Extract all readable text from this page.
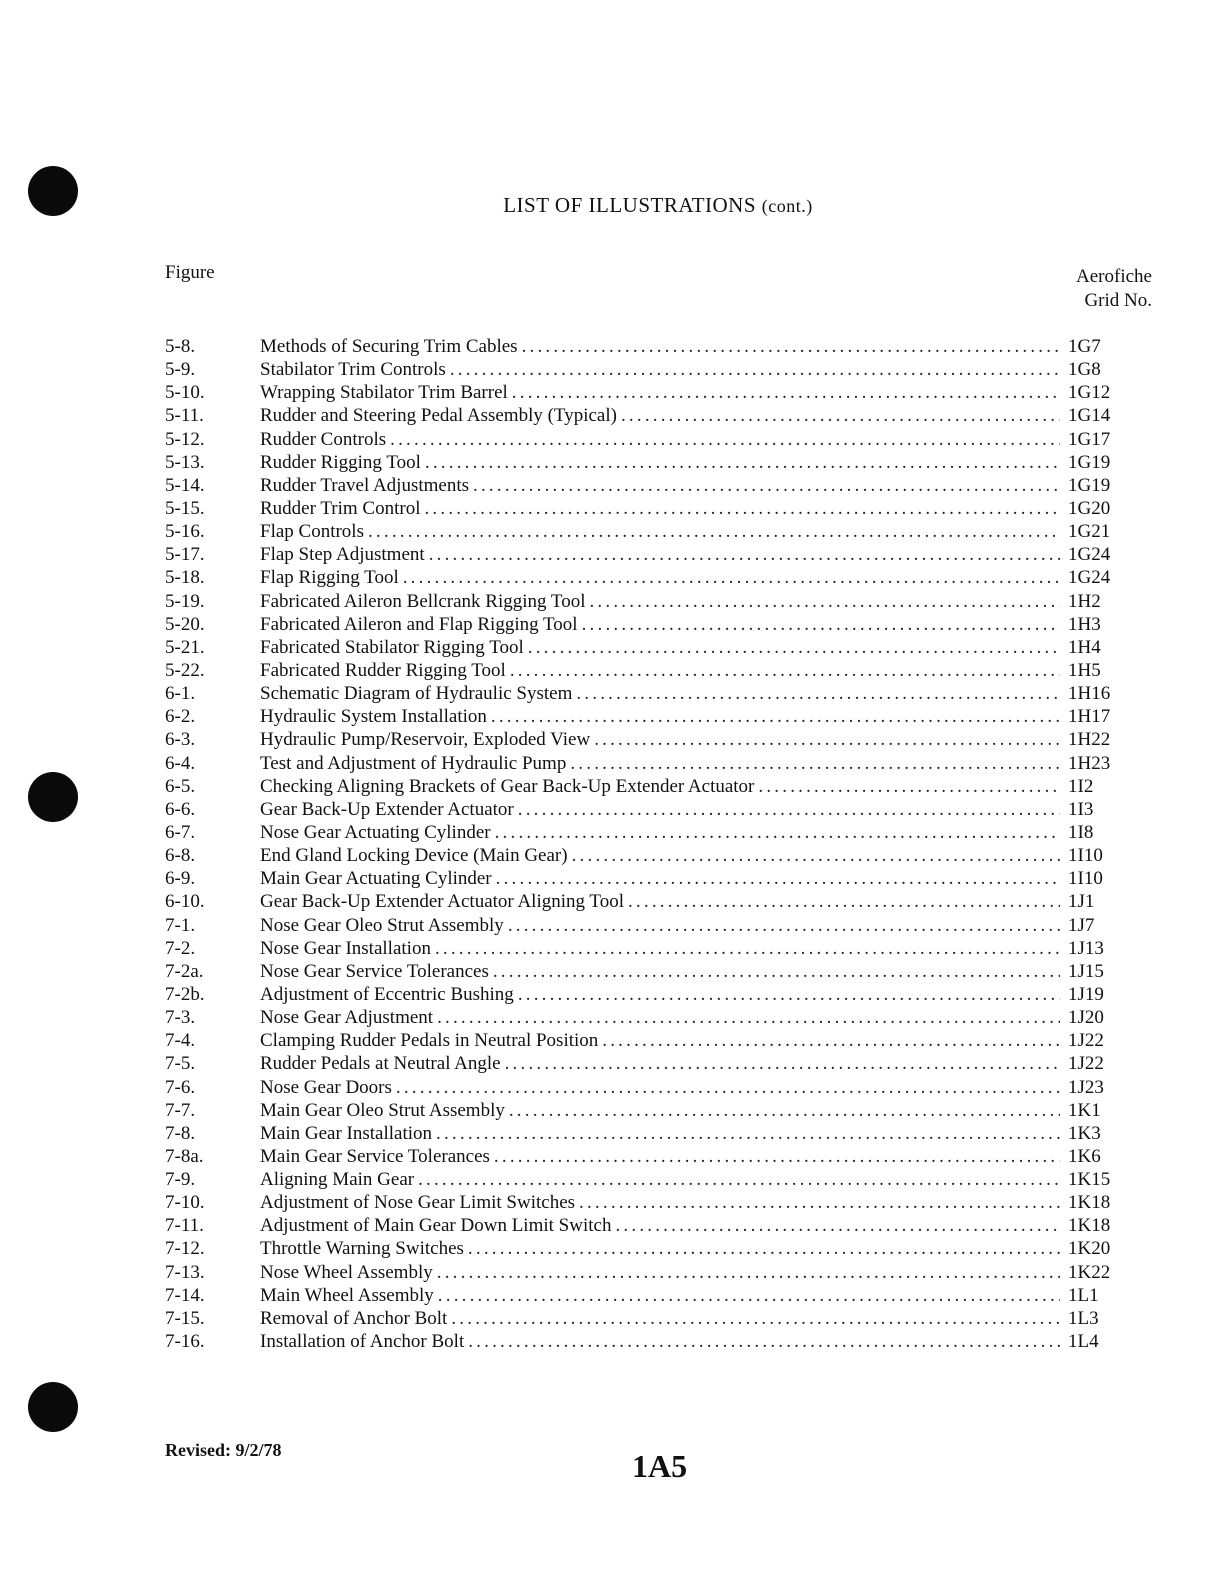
LIST OF ILLUSTRATIONS (cont.)
Figure	Aerofiche
Grid No.
5-8.	Methods of Securing Trim Cables .....	1G7
5-9.	Stabilator Trim Controls .....	1G8
5-10.	Wrapping Stabilator Trim Barrel .....	1G12
5-11.	Rudder and Steering Pedal Assembly (Typical) .....	1G14
5-12.	Rudder Controls .....	1G17
5-13.	Rudder Rigging Tool .....	1G19
5-14.	Rudder Travel Adjustments .....	1G19
5-15.	Rudder Trim Control .....	1G20
5-16.	Flap Controls .....	1G21
5-17.	Flap Step Adjustment .....	1G24
5-18.	Flap Rigging Tool .....	1G24
5-19.	Fabricated Aileron Bellcrank Rigging Tool .....	1H2
5-20.	Fabricated Aileron and Flap Rigging Tool .....	1H3
5-21.	Fabricated Stabilator Rigging Tool .....	1H4
5-22.	Fabricated Rudder Rigging Tool .....	1H5
6-1.	Schematic Diagram of Hydraulic System .....	1H16
6-2.	Hydraulic System Installation .....	1H17
6-3.	Hydraulic Pump/Reservoir, Exploded View .....	1H22
6-4.	Test and Adjustment of Hydraulic Pump .....	1H23
6-5.	Checking Aligning Brackets of Gear Back-Up Extender Actuator .....	1I2
6-6.	Gear Back-Up Extender Actuator .....	1I3
6-7.	Nose Gear Actuating Cylinder .....	1I8
6-8.	End Gland Locking Device (Main Gear) .....	1I10
6-9.	Main Gear Actuating Cylinder .....	1I10
6-10.	Gear Back-Up Extender Actuator Aligning Tool .....	1J1
7-1.	Nose Gear Oleo Strut Assembly .....	1J7
7-2.	Nose Gear Installation .....	1J13
7-2a.	Nose Gear Service Tolerances .....	1J15
7-2b.	Adjustment of Eccentric Bushing .....	1J19
7-3.	Nose Gear Adjustment .....	1J20
7-4.	Clamping Rudder Pedals in Neutral Position .....	1J22
7-5.	Rudder Pedals at Neutral Angle .....	1J22
7-6.	Nose Gear Doors .....	1J23
7-7.	Main Gear Oleo Strut Assembly .....	1K1
7-8.	Main Gear Installation .....	1K3
7-8a.	Main Gear Service Tolerances .....	1K6
7-9.	Aligning Main Gear .....	1K15
7-10.	Adjustment of Nose Gear Limit Switches .....	1K18
7-11.	Adjustment of Main Gear Down Limit Switch .....	1K18
7-12.	Throttle Warning Switches .....	1K20
7-13.	Nose Wheel Assembly .....	1K22
7-14.	Main Wheel Assembly .....	1L1
7-15.	Removal of Anchor Bolt .....	1L3
7-16.	Installation of Anchor Bolt .....	1L4
Revised: 9/2/78	1A5
